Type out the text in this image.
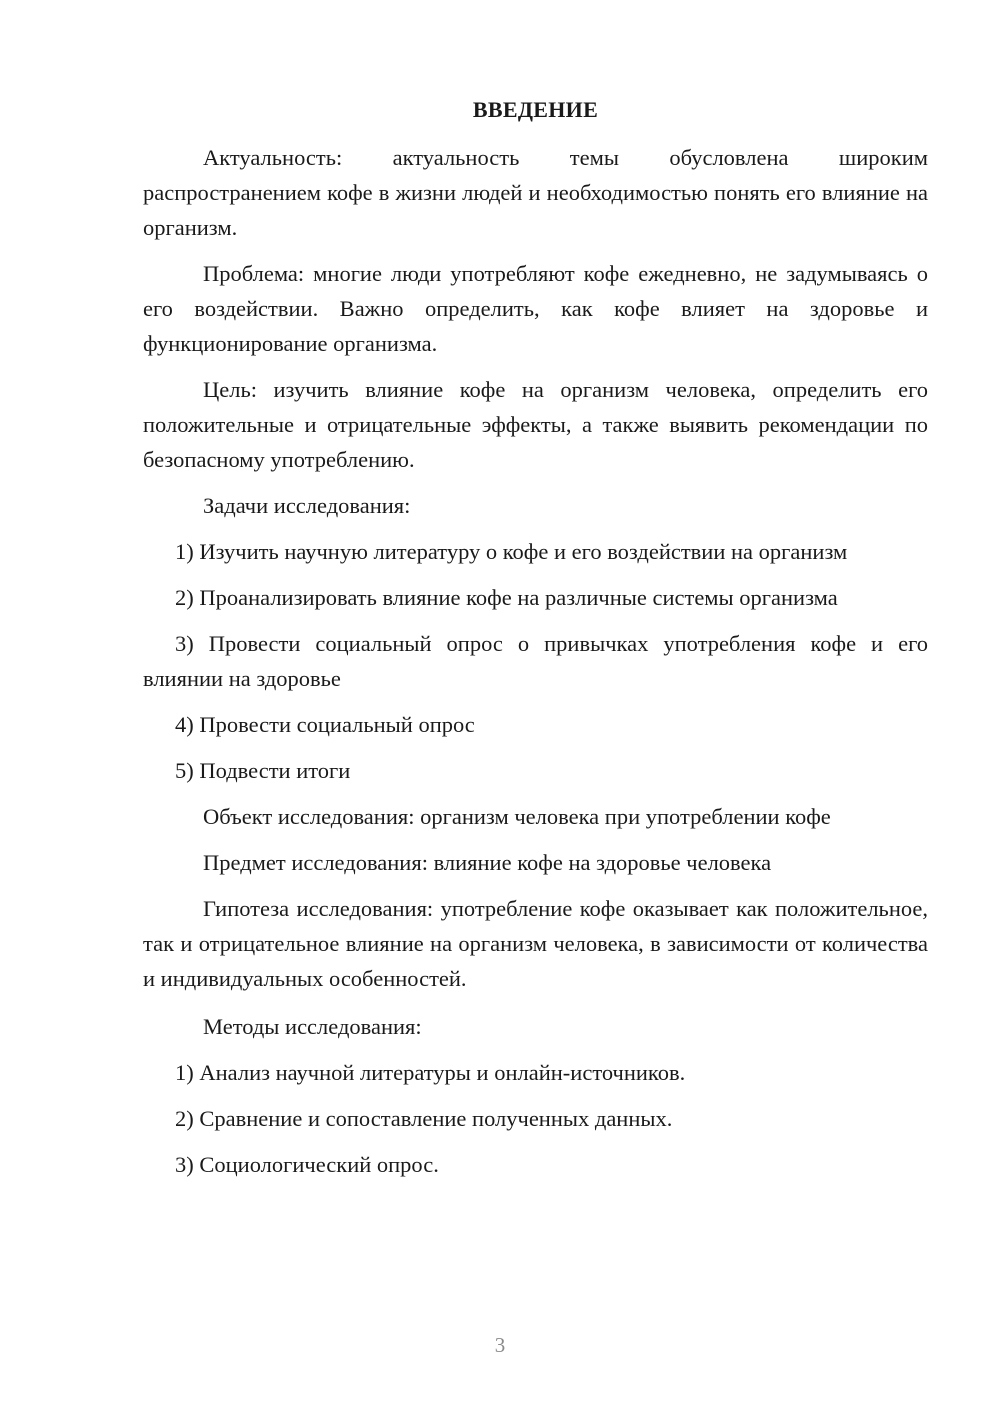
ВВЕДЕНИЕ

Актуальность: актуальность темы обусловлена широким распространением кофе в жизни людей и необходимостью понять его влияние на организм.

Проблема: многие люди употребляют кофе ежедневно, не задумываясь о его воздействии. Важно определить, как кофе влияет на здоровье и функционирование организма.

Цель: изучить влияние кофе на организм человека, определить его положительные и отрицательные эффекты, а также выявить рекомендации по безопасному употреблению.

Задачи исследования:

1) Изучить научную литературу о кофе и его воздействии на организм

2) Проанализировать влияние кофе на различные системы организма

3) Провести социальный опрос о привычках употребления кофе и его влиянии на здоровье

4) Провести социальный опрос

5) Подвести итоги

Объект исследования: организм человека при употреблении кофе

Предмет исследования: влияние кофе на здоровье человека

Гипотеза исследования: употребление кофе оказывает как положительное, так и отрицательное влияние на организм человека, в зависимости от количества и индивидуальных особенностей.

Методы исследования:

1) Анализ научной литературы и онлайн-источников.

2) Сравнение и сопоставление полученных данных.

3) Социологический опрос.

3
